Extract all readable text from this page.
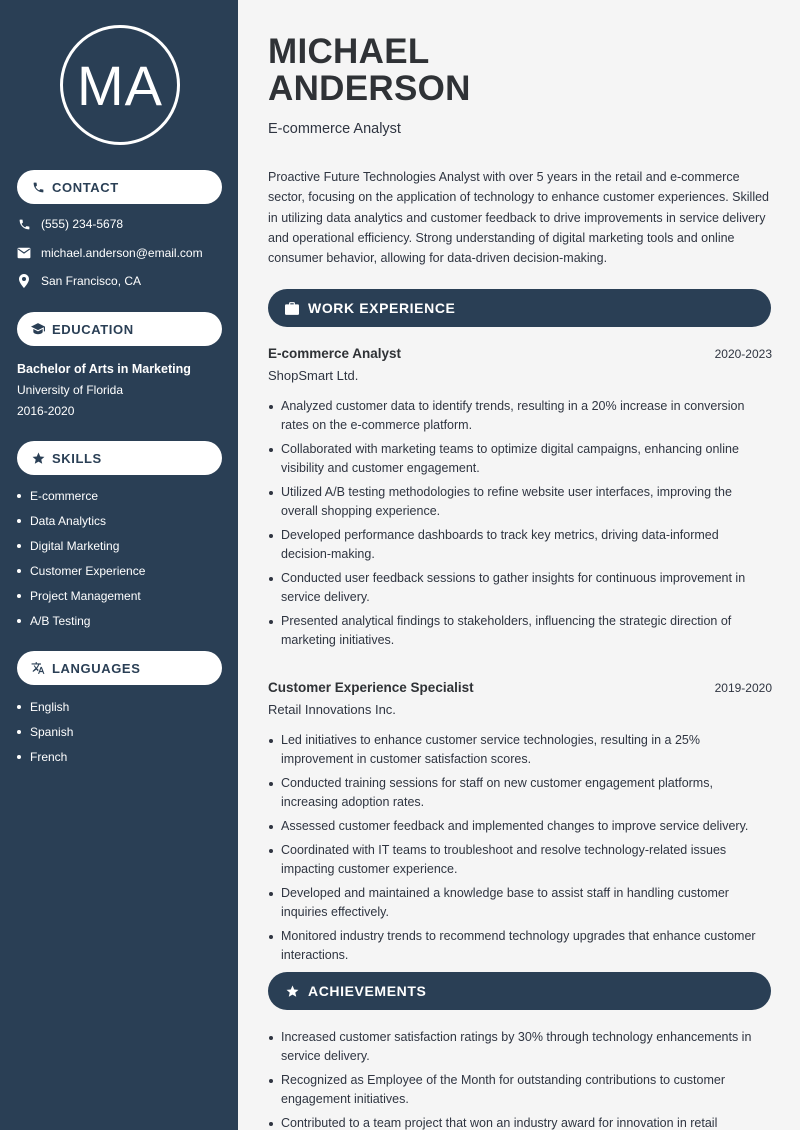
MA
CONTACT
(555) 234-5678
michael.anderson@email.com
San Francisco, CA
EDUCATION
Bachelor of Arts in Marketing
University of Florida
2016-2020
SKILLS
E-commerce
Data Analytics
Digital Marketing
Customer Experience
Project Management
A/B Testing
LANGUAGES
English
Spanish
French
MICHAEL
ANDERSON
E-commerce Analyst

Proactive Future Technologies Analyst with over 5 years in the retail and e-commerce sector, focusing on the application of technology to enhance customer experiences. Skilled in utilizing data analytics and customer feedback to drive improvements in service delivery and operational efficiency. Strong understanding of digital marketing tools and online consumer behavior, allowing for data-driven decision-making.

WORK EXPERIENCE
E-commerce Analyst	2020-2023
ShopSmart Ltd.
Analyzed customer data to identify trends, resulting in a 20% increase in conversion rates on the e-commerce platform.
Collaborated with marketing teams to optimize digital campaigns, enhancing online visibility and customer engagement.
Utilized A/B testing methodologies to refine website user interfaces, improving the overall shopping experience.
Developed performance dashboards to track key metrics, driving data-informed decision-making.
Conducted user feedback sessions to gather insights for continuous improvement in service delivery.
Presented analytical findings to stakeholders, influencing the strategic direction of marketing initiatives.
Customer Experience Specialist	2019-2020
Retail Innovations Inc.
Led initiatives to enhance customer service technologies, resulting in a 25% improvement in customer satisfaction scores.
Conducted training sessions for staff on new customer engagement platforms, increasing adoption rates.
Assessed customer feedback and implemented changes to improve service delivery.
Coordinated with IT teams to troubleshoot and resolve technology-related issues impacting customer experience.
Developed and maintained a knowledge base to assist staff in handling customer inquiries effectively.
Monitored industry trends to recommend technology upgrades that enhance customer interactions.
ACHIEVEMENTS
Increased customer satisfaction ratings by 30% through technology enhancements in service delivery.
Recognized as Employee of the Month for outstanding contributions to customer engagement initiatives.
Contributed to a team project that won an industry award for innovation in retail
